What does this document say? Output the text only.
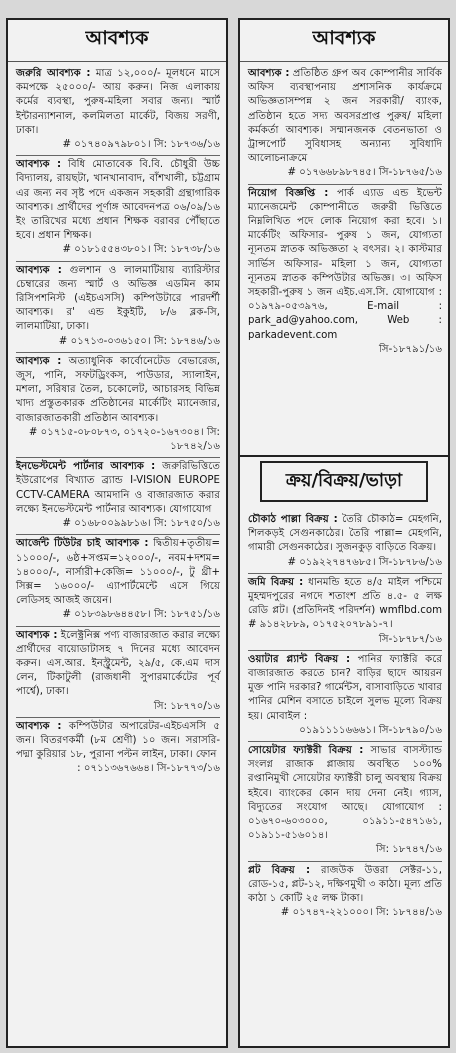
আবশ্যক
জরুরি আবশ্যক : মাত্র ১২,০০০/- মূলধনে মাসে কমপক্ষে ২৫০০০/- আয় করুন। নিজ এলাকায় কর্মের ব্যবস্থা, পুরুষ-মহিলা সবার জন্য। স্মার্ট ইন্টারন্যাশনাল, কলমিলতা মার্কেট, বিজয় সরণী, ঢাকা।
# ০১৭৪০৯৭৯৮০১। সি: ১৮৭৩৬/১৬
আবশ্যক : বিধি মোতাবেক বি.বি. চৌধুরী উচ্চ বিদ্যালয়, রায়ছটা, খানখানাবাদ, বাঁশখালী, চট্টগ্রাম এর জন্য নব সৃষ্ট পদে একজন সহকারী গ্রন্থাগারিক আবশ্যক। প্রার্থীদের পূর্ণাঙ্গ আবেদনপত্র ০৬/০৯/১৬ ইং তারিখের মধ্যে প্রধান শিক্ষক বরাবর পৌঁছাতে হবে। প্রধান শিক্ষক।
# ০১৮১৫৫৪৩৮০১। সি: ১৮৭৩৮/১৬
আবশ্যক : গুলশান ও লালমাটিয়ায় ব্যারিস্টার চেম্বারের জন্য স্মার্ট ও অভিজ্ঞ এডমিন কাম রিসিপশনিস্ট (এইচএসসি) কম্পিউটারে পারদর্শী আবশ্যক। র' এন্ড ইকুইটি, ৮/৬ ব্লক-সি, লালমাটিয়া, ঢাকা।
# ০১৭১৩-০৩৬১৫০। সি: ১৮৭৪৬/১৬
আবশ্যক : অত্যাধুনিক কার্বোনেটেড বেভারেজ, জুস, পানি, সফটড্রিংকস, পাউডার, স্যালাইন, মশলা, সরিষার তৈল, চকোলেট, আচারসহ বিভিন্ন খাদ্য প্রস্তুতকারক প্রতিষ্ঠানের মার্কেটিং ম্যানেজার, বাজারজাতকারী প্রতিষ্ঠান আবশ্যক।
# ০১৭১৫-০৮০৮৭৩, ০১৭২০-১৬৭৩০৪। সি: ১৮৭৪২/১৬
ইনভেস্টমেন্ট পার্টনার আবশ্যক : জরুরিভিত্তিতে ইউরোপের বিখ্যাত ব্র্যান্ড I-VISION EUROPE CCTV-CAMERA আমদানি ও বাজারজাত করার লক্ষ্যে ইনভেস্টমেন্ট পার্টনার আবশ্যক। যোগাযোগ
# ০১৬৮০০৯৯৮১৬। সি: ১৮৭৫০/১৬
আর্জেন্ট টিউটর চাই আবশ্যক : দ্বিতীয়+তৃতীয়= ১১০০০/-, ৬ষ্ঠ+সপ্তম=১২০০০/-, নবম+দশম= ১৪০০০/-, নার্সারী+কেজি= ১১০০০/-, টু থ্রী+ সিক্স= ১৬০০০/- এ্যাপার্টমেন্টে এসে গিয়ে লেডিসহ আজই জয়েন।
# ০১৮৩৯৮৬৪৪৫৮। সি: ১৮৭৫১/১৬
আবশ্যক : ইলেক্ট্রনিক্স পণ্য বাজারজাত করার লক্ষ্যে প্রার্থীদের বায়োডাটাসহ ৭ দিনের মধ্যে আবেদন করুন। এস.আর. ইনস্ট্রুমেন্ট, ২৯/৫, কে.এম দাস লেন, টিকাটুলী (রাজধানী সুপারমার্কেটের পূর্ব পার্শ্বে), ঢাকা।
সি: ১৮৭৭০/১৬
আবশ্যক : কম্পিউটার অপারেটর-এইচএসসি ৫ জন। বিতরণকর্মী (৮ম শ্রেণী) ১০ জন। সরাসরি- পদ্মা কুরিয়ার ১৮, পুরানা পল্টন লাইন, ঢাকা। ফোন
: ০৭১১৩৬৭৬৬৪। সি-১৮৭৭৩/১৬
আবশ্যক
আবশ্যক : প্রতিষ্ঠিত গ্রুপ অব কোম্পানীর সার্বিক অফিস ব্যবস্থাপনায় প্রশাসনিক কার্যক্রমে অভিজ্ঞতাসম্পন্ন ২ জন সরকারী/ ব্যাংক, প্রতিষ্ঠান হতে সদ্য অবসরপ্রাপ্ত পুরুষ/ মহিলা কর্মকর্তা আবশ্যক। সম্মানজনক বেতনভাতা ও ট্রান্সপোর্ট সুবিধাসহ অন্যান্য সুবিধাদি আলোচনাক্রমে
# ০১৭৬৬৮৯৮৭৪৫। সি-১৮৭৬৫/১৬
নিয়োগ বিজ্ঞপ্তি : পার্ক এ্যাড এন্ড ইভেন্ট ম্যানেজমেন্ট কোম্পানীতে জরুরী ভিত্তিতে নিম্নলিখিত পদে লোক নিয়োগ করা হবে। ১। মার্কেটিং অফিসার- পুরুষ ১ জন, যোগ্যতা ন্যূনতম স্নাতক অভিজ্ঞতা ২ বৎসর। ২। কাস্টমার সার্ভিস অফিসার- মহিলা ১ জন, যোগ্যতা ন্যূনতম স্নাতক কম্পিউটার অভিজ্ঞ। ৩। অফিস সহকারী-পুরুষ ১ জন এইচ.এস.সি. যোগাযোগ : ০১৯৭৯-০৫৩৯৭৬, E-mail : park_ad@yahoo.com, Web : parkadevent.com
সি-১৮৭৯১/১৬
ক্রয়/বিক্রয়/ভাড়া
চৌকাঠ পাল্লা বিক্রয় : তৈরি চৌকাঠ= মেহগনি, শিলকড়ই সেগুনকাঠের। তৈরি পাল্লা= মেহগনি, গামারী সেগুনকাঠের। সুজনকুড় বাড়িতে বিক্রয়।
# ০১৯২২৭৪৭৬৮৫। সি-১৮৭৮৬/১৬
জমি বিক্রয় : ধানমন্ডি হতে ৪/৫ মাইল পশ্চিমে মুহম্মদপুরের নগদে শতাংশ প্রতি ৪.৫- ৫ লক্ষ রেডি প্লট। (প্রতিদিনই পরিদর্শন) wmflbd.com # ৯১৪২৮৮৯, ০১৭৫২০৭৮৯১-৭।
সি-১৮৭৮৭/১৬
ওয়াটার প্ল্যান্ট বিক্রয় : পানির ফ্যাক্টরি করে বাজারজাত করতে চান? বাড়ির ছাদে আয়রন মুক্ত পানি দরকার? গার্মেন্টস, বাসাবাড়িতে খাবার পানির মেশিন বসাতে চাইলে সুলভ মূল্যে বিক্রয় হয়। মোবাইল :
০১৯১১১১৬৬৬১। সি-১৮৭৯০/১৬
সোয়েটার ফ্যাক্টরী বিক্রয় : সাভার বাসস্ট্যান্ড সংলগ্ন রাজাক প্লাজায় অবস্থিত ১০০% রপ্তানিমুখী সোয়েটার ফ্যাক্টরী চালু অবস্থায় বিক্রয় হইবে। ব্যাংকের কোন দায় দেনা নেই। গ্যাস, বিদ্যুতের সংযোগ আছে। যোগাযোগ : ০১৬৭০-৬০৩০০০, ০১৯১১-৫৪৭১৬১, ০১৯১১-৫১৬০১৪।
সি: ১৮৭৪৭/১৬
প্লট বিক্রয় : রাজউক উত্তরা সেক্টর-১১, রোড-১৫, প্লট-১২, দক্ষিণমুখী ৩ কাঠা। মূল্য প্রতি কাঠা ১ কোটি ২৫ লক্ষ টাকা।
# ০১৭৪৭-২২১০০০। সি: ১৮৭৪৪/১৬
